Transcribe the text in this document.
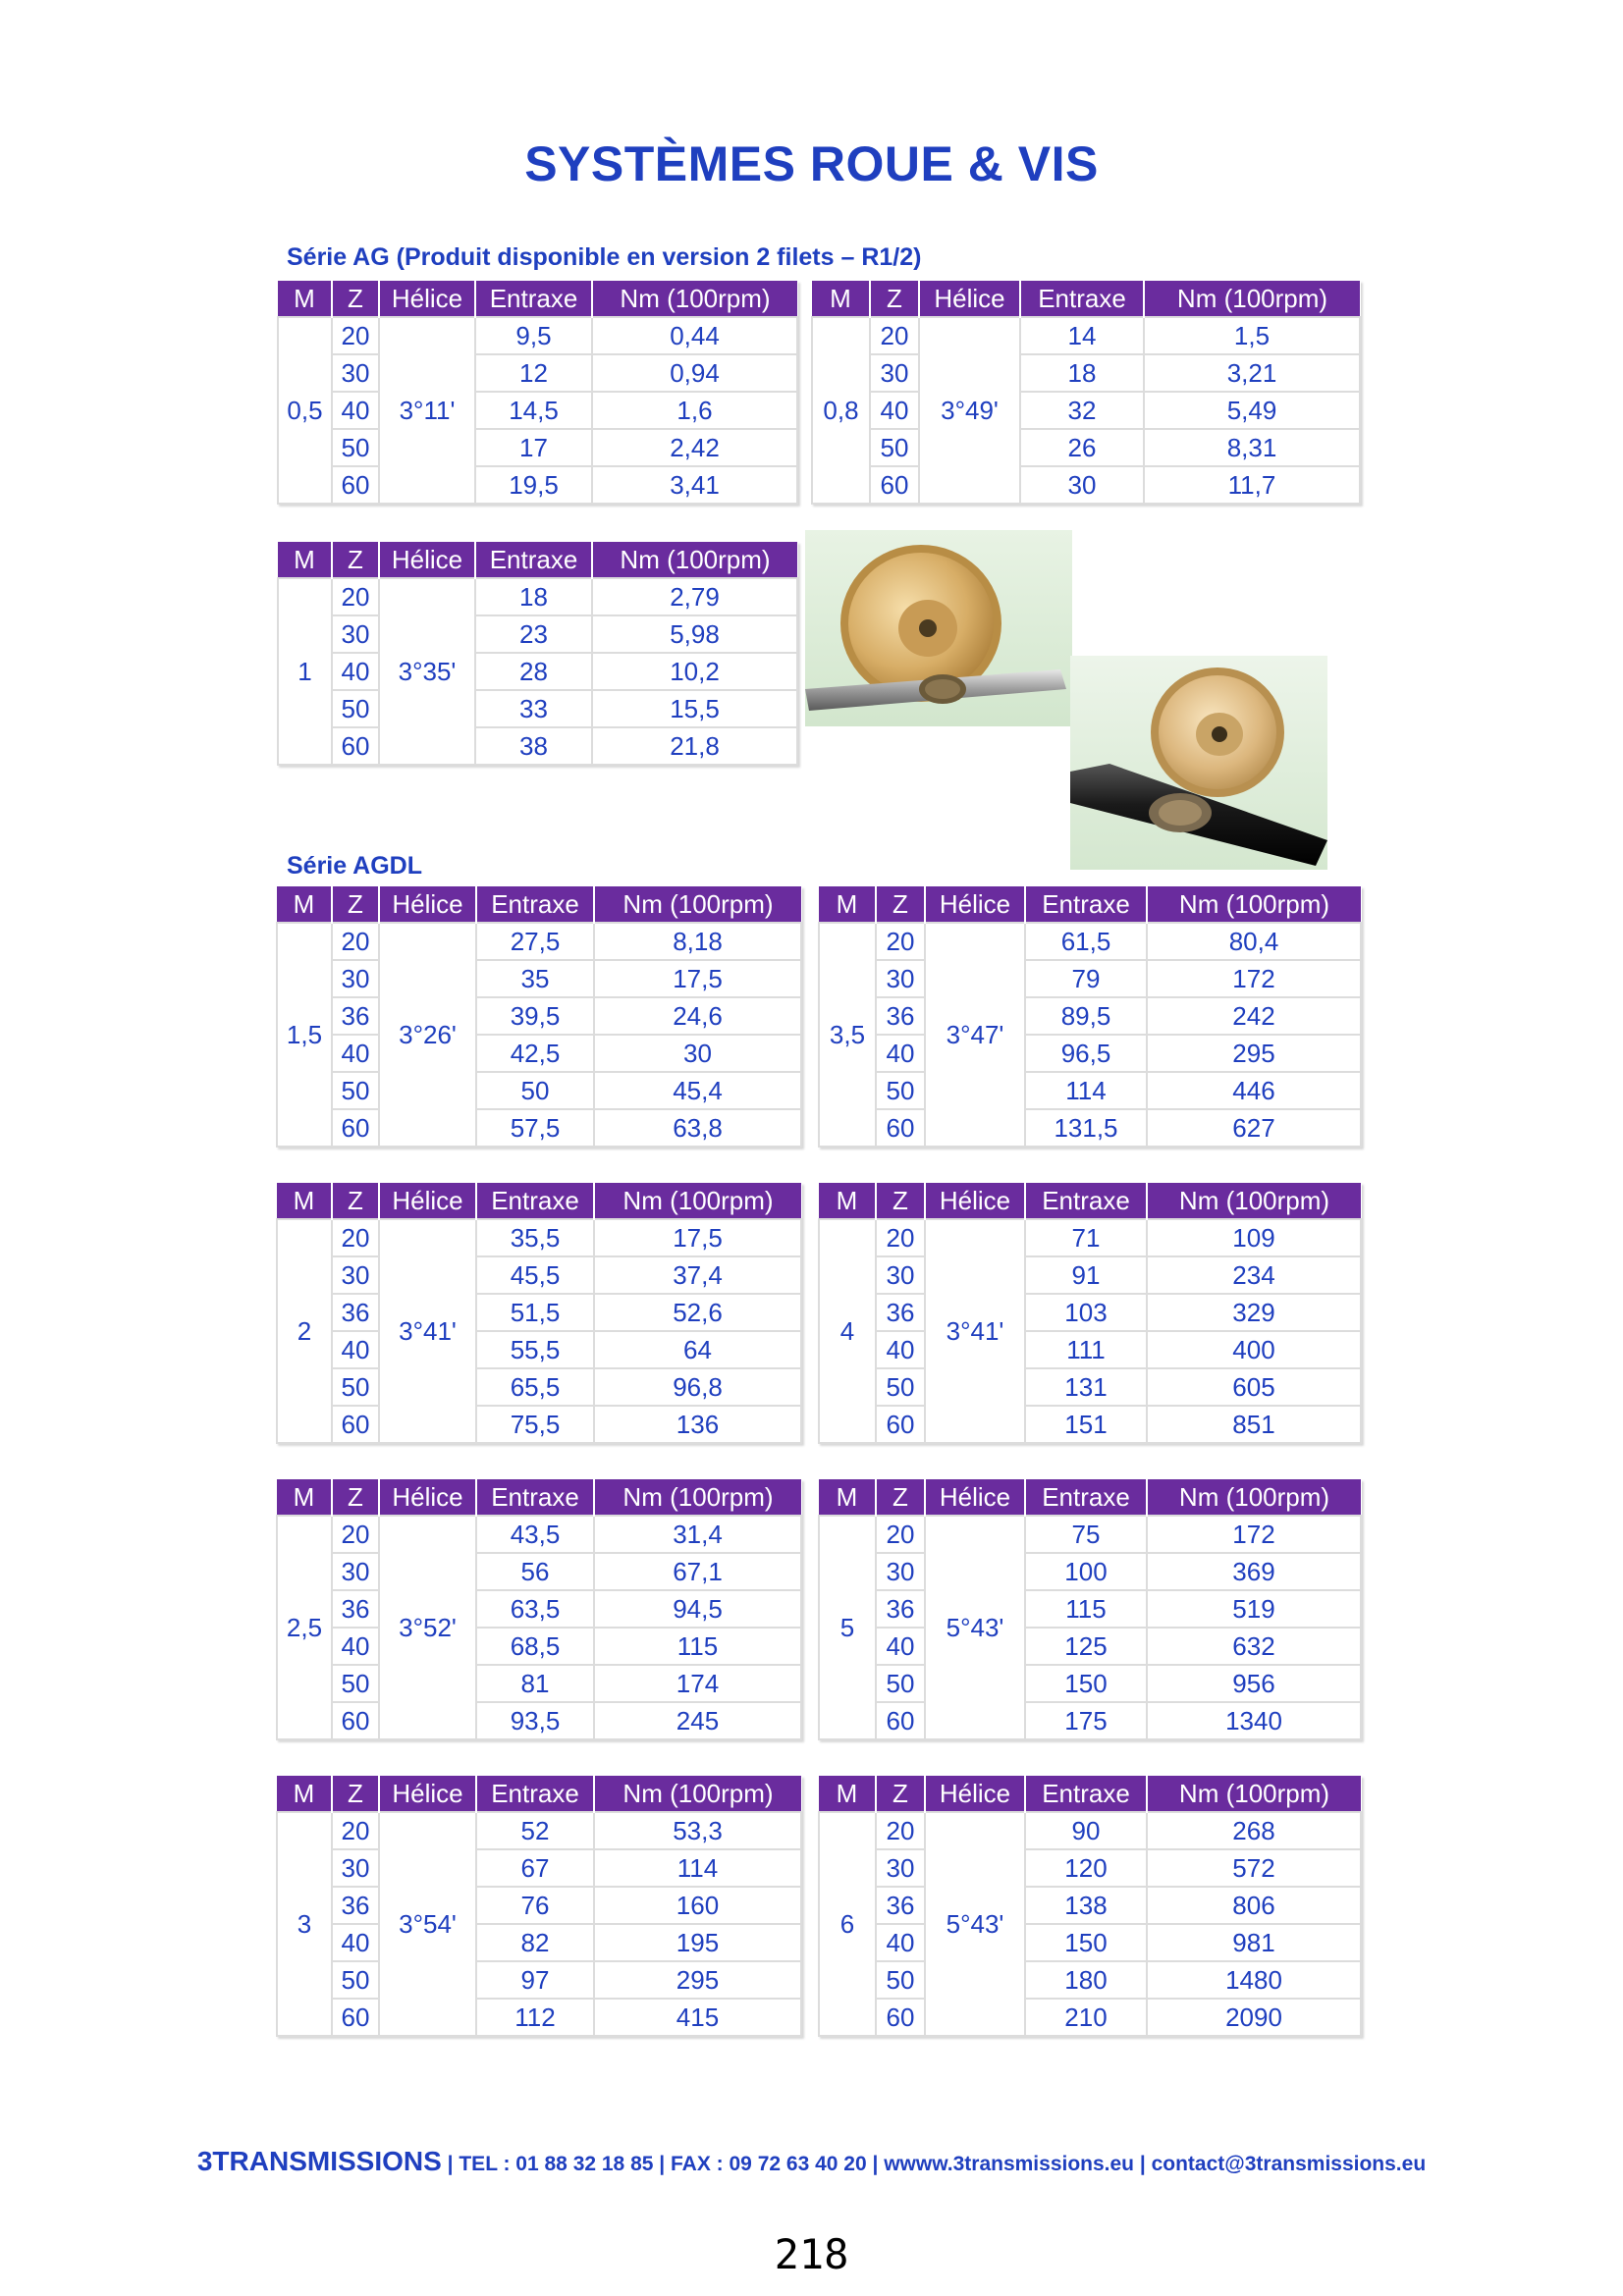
SYSTÈMES ROUE & VIS
Série AG (Produit disponible en version 2 filets – R1/2)
Série AGDL
M	Z	Hélice	Entraxe	Nm (100rpm)
0,5	20	3°11'	9,5	0,44
	30		12	0,94
	40		14,5	1,6
	50		17	2,42
	60		19,5	3,41
M	Z	Hélice	Entraxe	Nm (100rpm)
0,8	20	3°49'	14	1,5
	30		18	3,21
	40		32	5,49
	50		26	8,31
	60		30	11,7
M	Z	Hélice	Entraxe	Nm (100rpm)
1	20	3°35'	18	2,79
	30		23	5,98
	40		28	10,2
	50		33	15,5
	60		38	21,8
M	Z	Hélice	Entraxe	Nm (100rpm)
1,5	20	3°26'	27,5	8,18
	30		35	17,5
	36		39,5	24,6
	40		42,5	30
	50		50	45,4
	60		57,5	63,8
M	Z	Hélice	Entraxe	Nm (100rpm)
3,5	20	3°47'	61,5	80,4
	30		79	172
	36		89,5	242
	40		96,5	295
	50		114	446
	60		131,5	627
M	Z	Hélice	Entraxe	Nm (100rpm)
2	20	3°41'	35,5	17,5
	30		45,5	37,4
	36		51,5	52,6
	40		55,5	64
	50		65,5	96,8
	60		75,5	136
M	Z	Hélice	Entraxe	Nm (100rpm)
4	20	3°41'	71	109
	30		91	234
	36		103	329
	40		111	400
	50		131	605
	60		151	851
M	Z	Hélice	Entraxe	Nm (100rpm)
2,5	20	3°52'	43,5	31,4
	30		56	67,1
	36		63,5	94,5
	40		68,5	115
	50		81	174
	60		93,5	245
M	Z	Hélice	Entraxe	Nm (100rpm)
5	20	5°43'	75	172
	30		100	369
	36		115	519
	40		125	632
	50		150	956
	60		175	1340
M	Z	Hélice	Entraxe	Nm (100rpm)
3	20	3°54'	52	53,3
	30		67	114
	36		76	160
	40		82	195
	50		97	295
	60		112	415
M	Z	Hélice	Entraxe	Nm (100rpm)
6	20	5°43'	90	268
	30		120	572
	36		138	806
	40		150	981
	50		180	1480
	60		210	2090
3TRANSMISSIONS | TEL : 01 88 32 18 85 | FAX : 09 72 63 40 20 | wwww.3transmissions.eu | contact@3transmissions.eu
218
